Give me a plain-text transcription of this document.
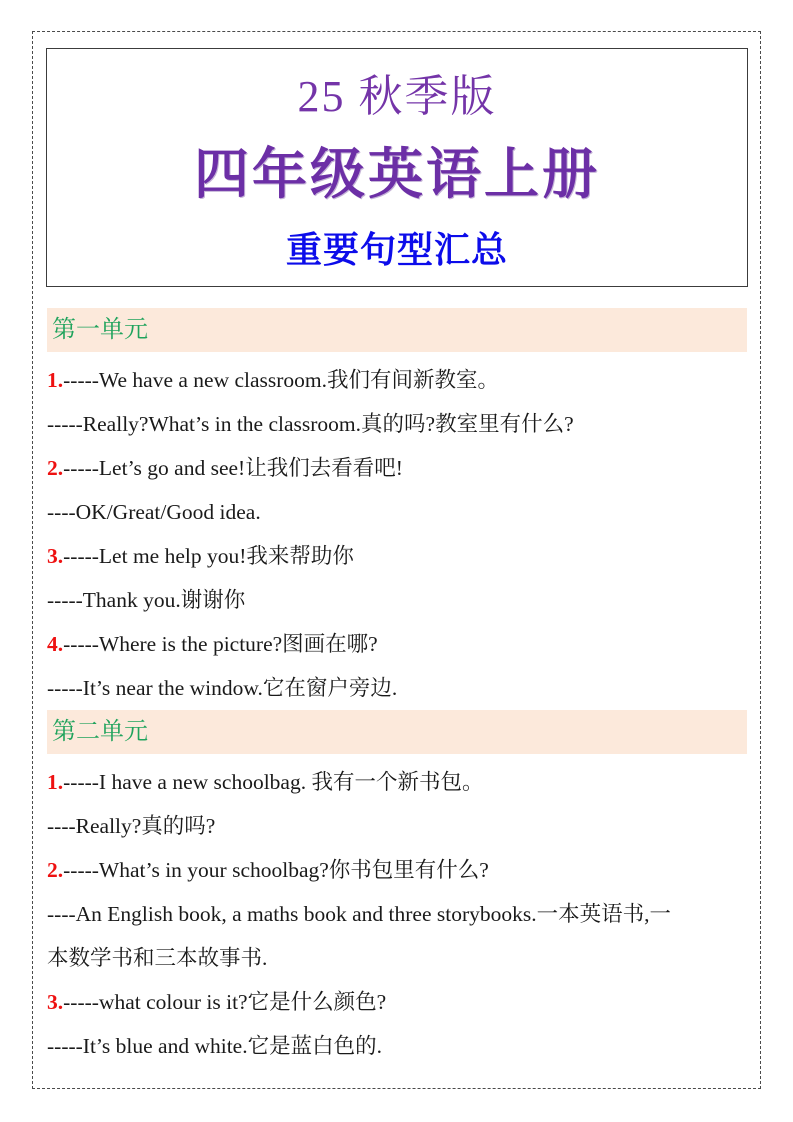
25 秋季版
四年级英语上册
重要句型汇总
第一单元
1.-----We have a new classroom.我们有间新教室。
-----Really?What’s in the classroom.真的吗?教室里有什么?
2.-----Let’s go and see!让我们去看看吧!
----OK/Great/Good idea.
3.-----Let me help you!我来帮助你
-----Thank you.谢谢你
4.-----Where is the picture?图画在哪?
-----It’s near the window.它在窗户旁边.
第二单元
1.-----I have a new schoolbag. 我有一个新书包。
----Really?真的吗?
2.-----What’s in your schoolbag?你书包里有什么?
----An English book, a maths book and three storybooks.一本英语书,一
本数学书和三本故事书.
3.-----what colour is it?它是什么颜色?
-----It’s blue and white.它是蓝白色的.
